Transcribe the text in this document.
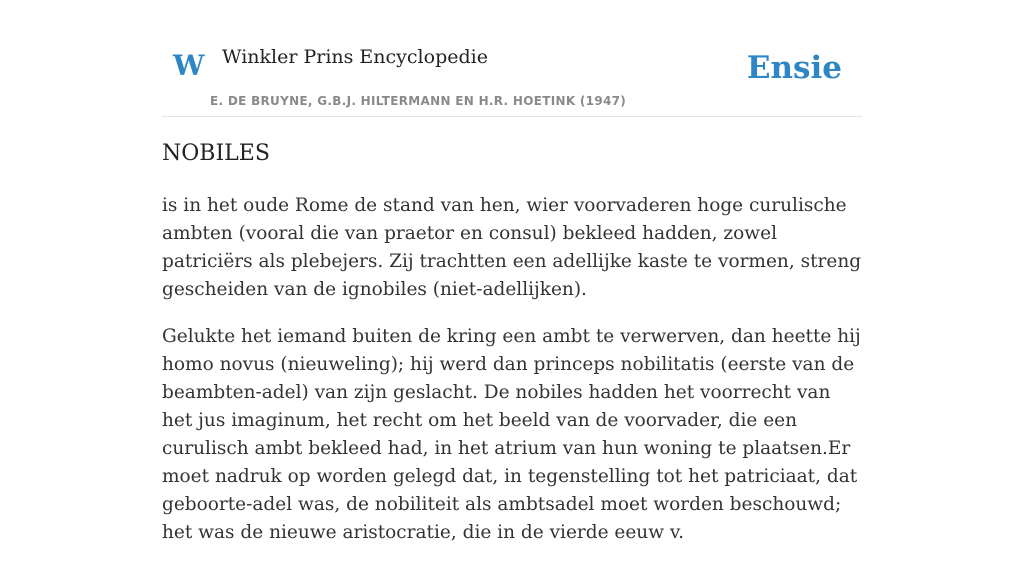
W Winkler Prins Encyclopedie
E. DE BRUYNE, G.B.J. HILTERMANN EN H.R. HOETINK (1947)
Ensie
NOBILES

is in het oude Rome de stand van hen, wier voorvaderen hoge curulische ambten (vooral die van praetor en consul) bekleed hadden, zowel patriciërs als plebejers. Zij trachtten een adellijke kaste te vormen, streng gescheiden van de ignobiles (niet-adellijken).

Gelukte het iemand buiten de kring een ambt te verwerven, dan heette hij homo novus (nieuweling); hij werd dan princeps nobilitatis (eerste van de beambten-adel) van zijn geslacht. De nobiles hadden het voorrecht van het jus imaginum, het recht om het beeld van de voorvader, die een curulisch ambt bekleed had, in het atrium van hun woning te plaatsen.Er moet nadruk op worden gelegd dat, in tegenstelling tot het patriciaat, dat geboorte-adel was, de nobiliteit als ambtsadel moet worden beschouwd; het was de nieuwe aristocratie, die in de vierde eeuw v.
